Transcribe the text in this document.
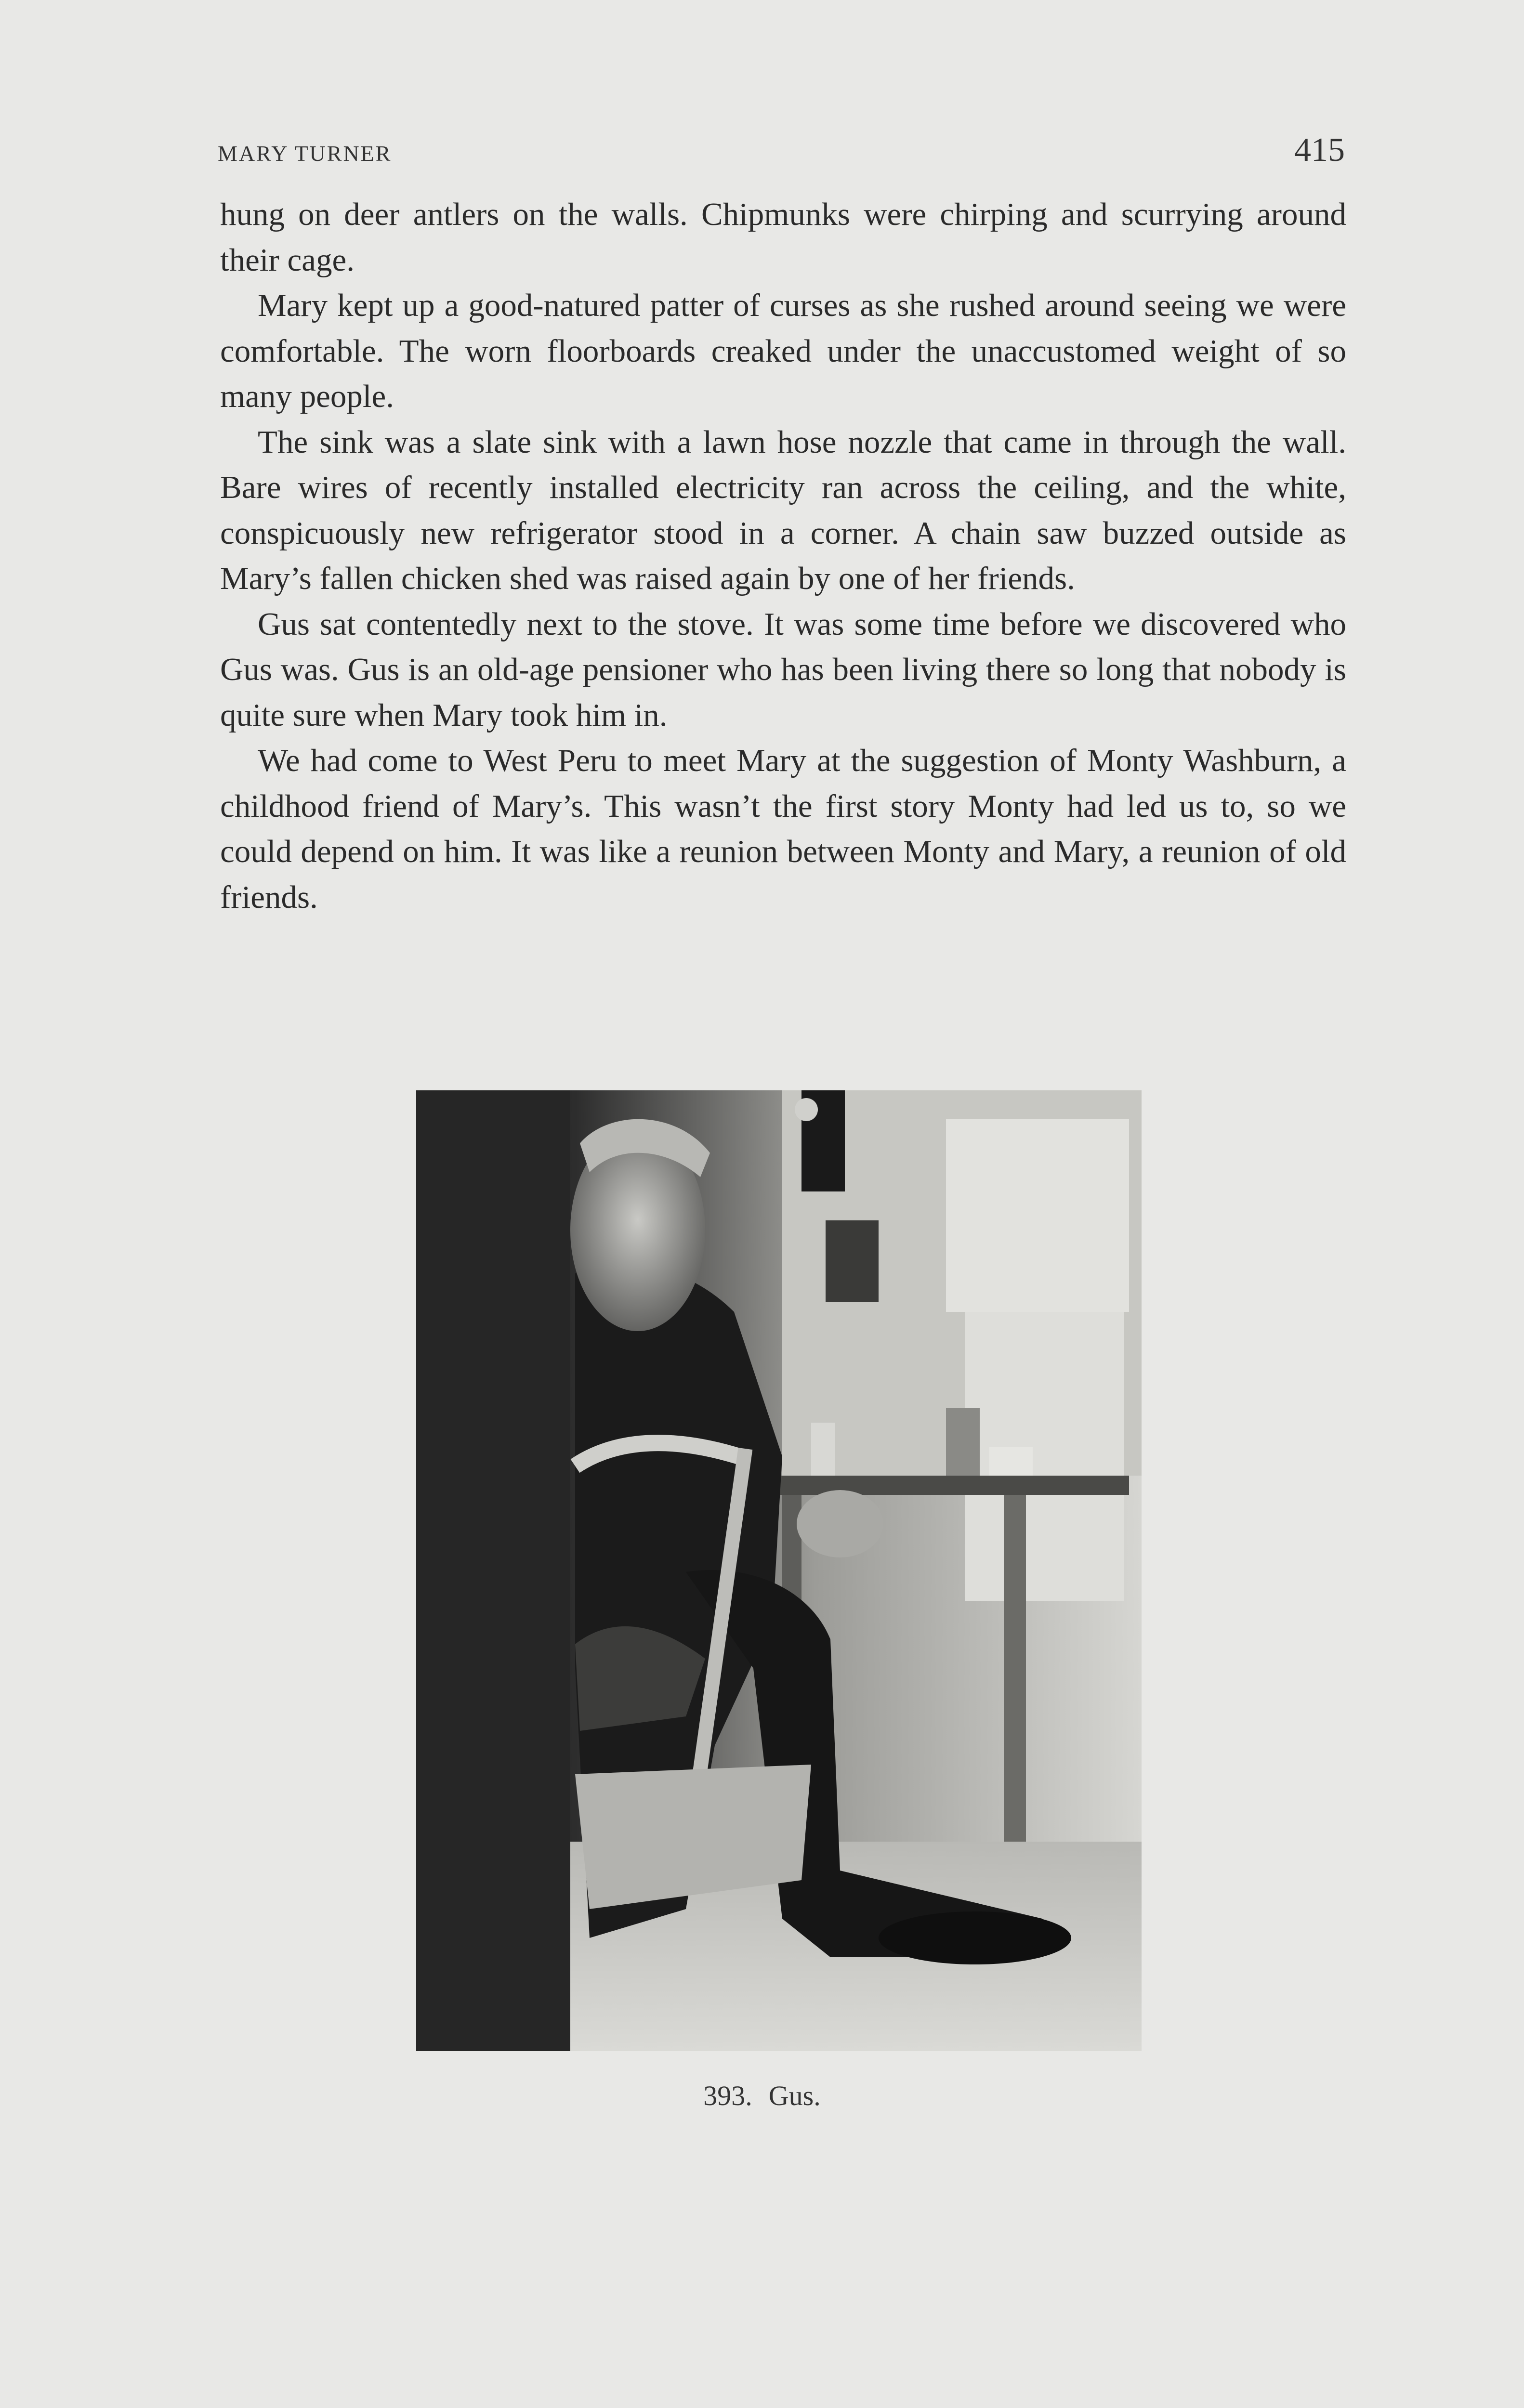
MARY TURNER	415

hung on deer antlers on the walls. Chipmunks were chirping and scurrying around their cage.

Mary kept up a good-natured patter of curses as she rushed around seeing we were comfortable. The worn floorboards creaked under the unaccustomed weight of so many people.

The sink was a slate sink with a lawn hose nozzle that came in through the wall. Bare wires of recently installed electricity ran across the ceiling, and the white, conspicuously new refrigerator stood in a corner. A chain saw buzzed outside as Mary’s fallen chicken shed was raised again by one of her friends.

Gus sat contentedly next to the stove. It was some time before we discovered who Gus was. Gus is an old-age pensioner who has been living there so long that nobody is quite sure when Mary took him in.

We had come to West Peru to meet Mary at the suggestion of Monty Washburn, a childhood friend of Mary’s. This wasn’t the first story Monty had led us to, so we could depend on him. It was like a reunion between Monty and Mary, a reunion of old friends.

393. Gus.
